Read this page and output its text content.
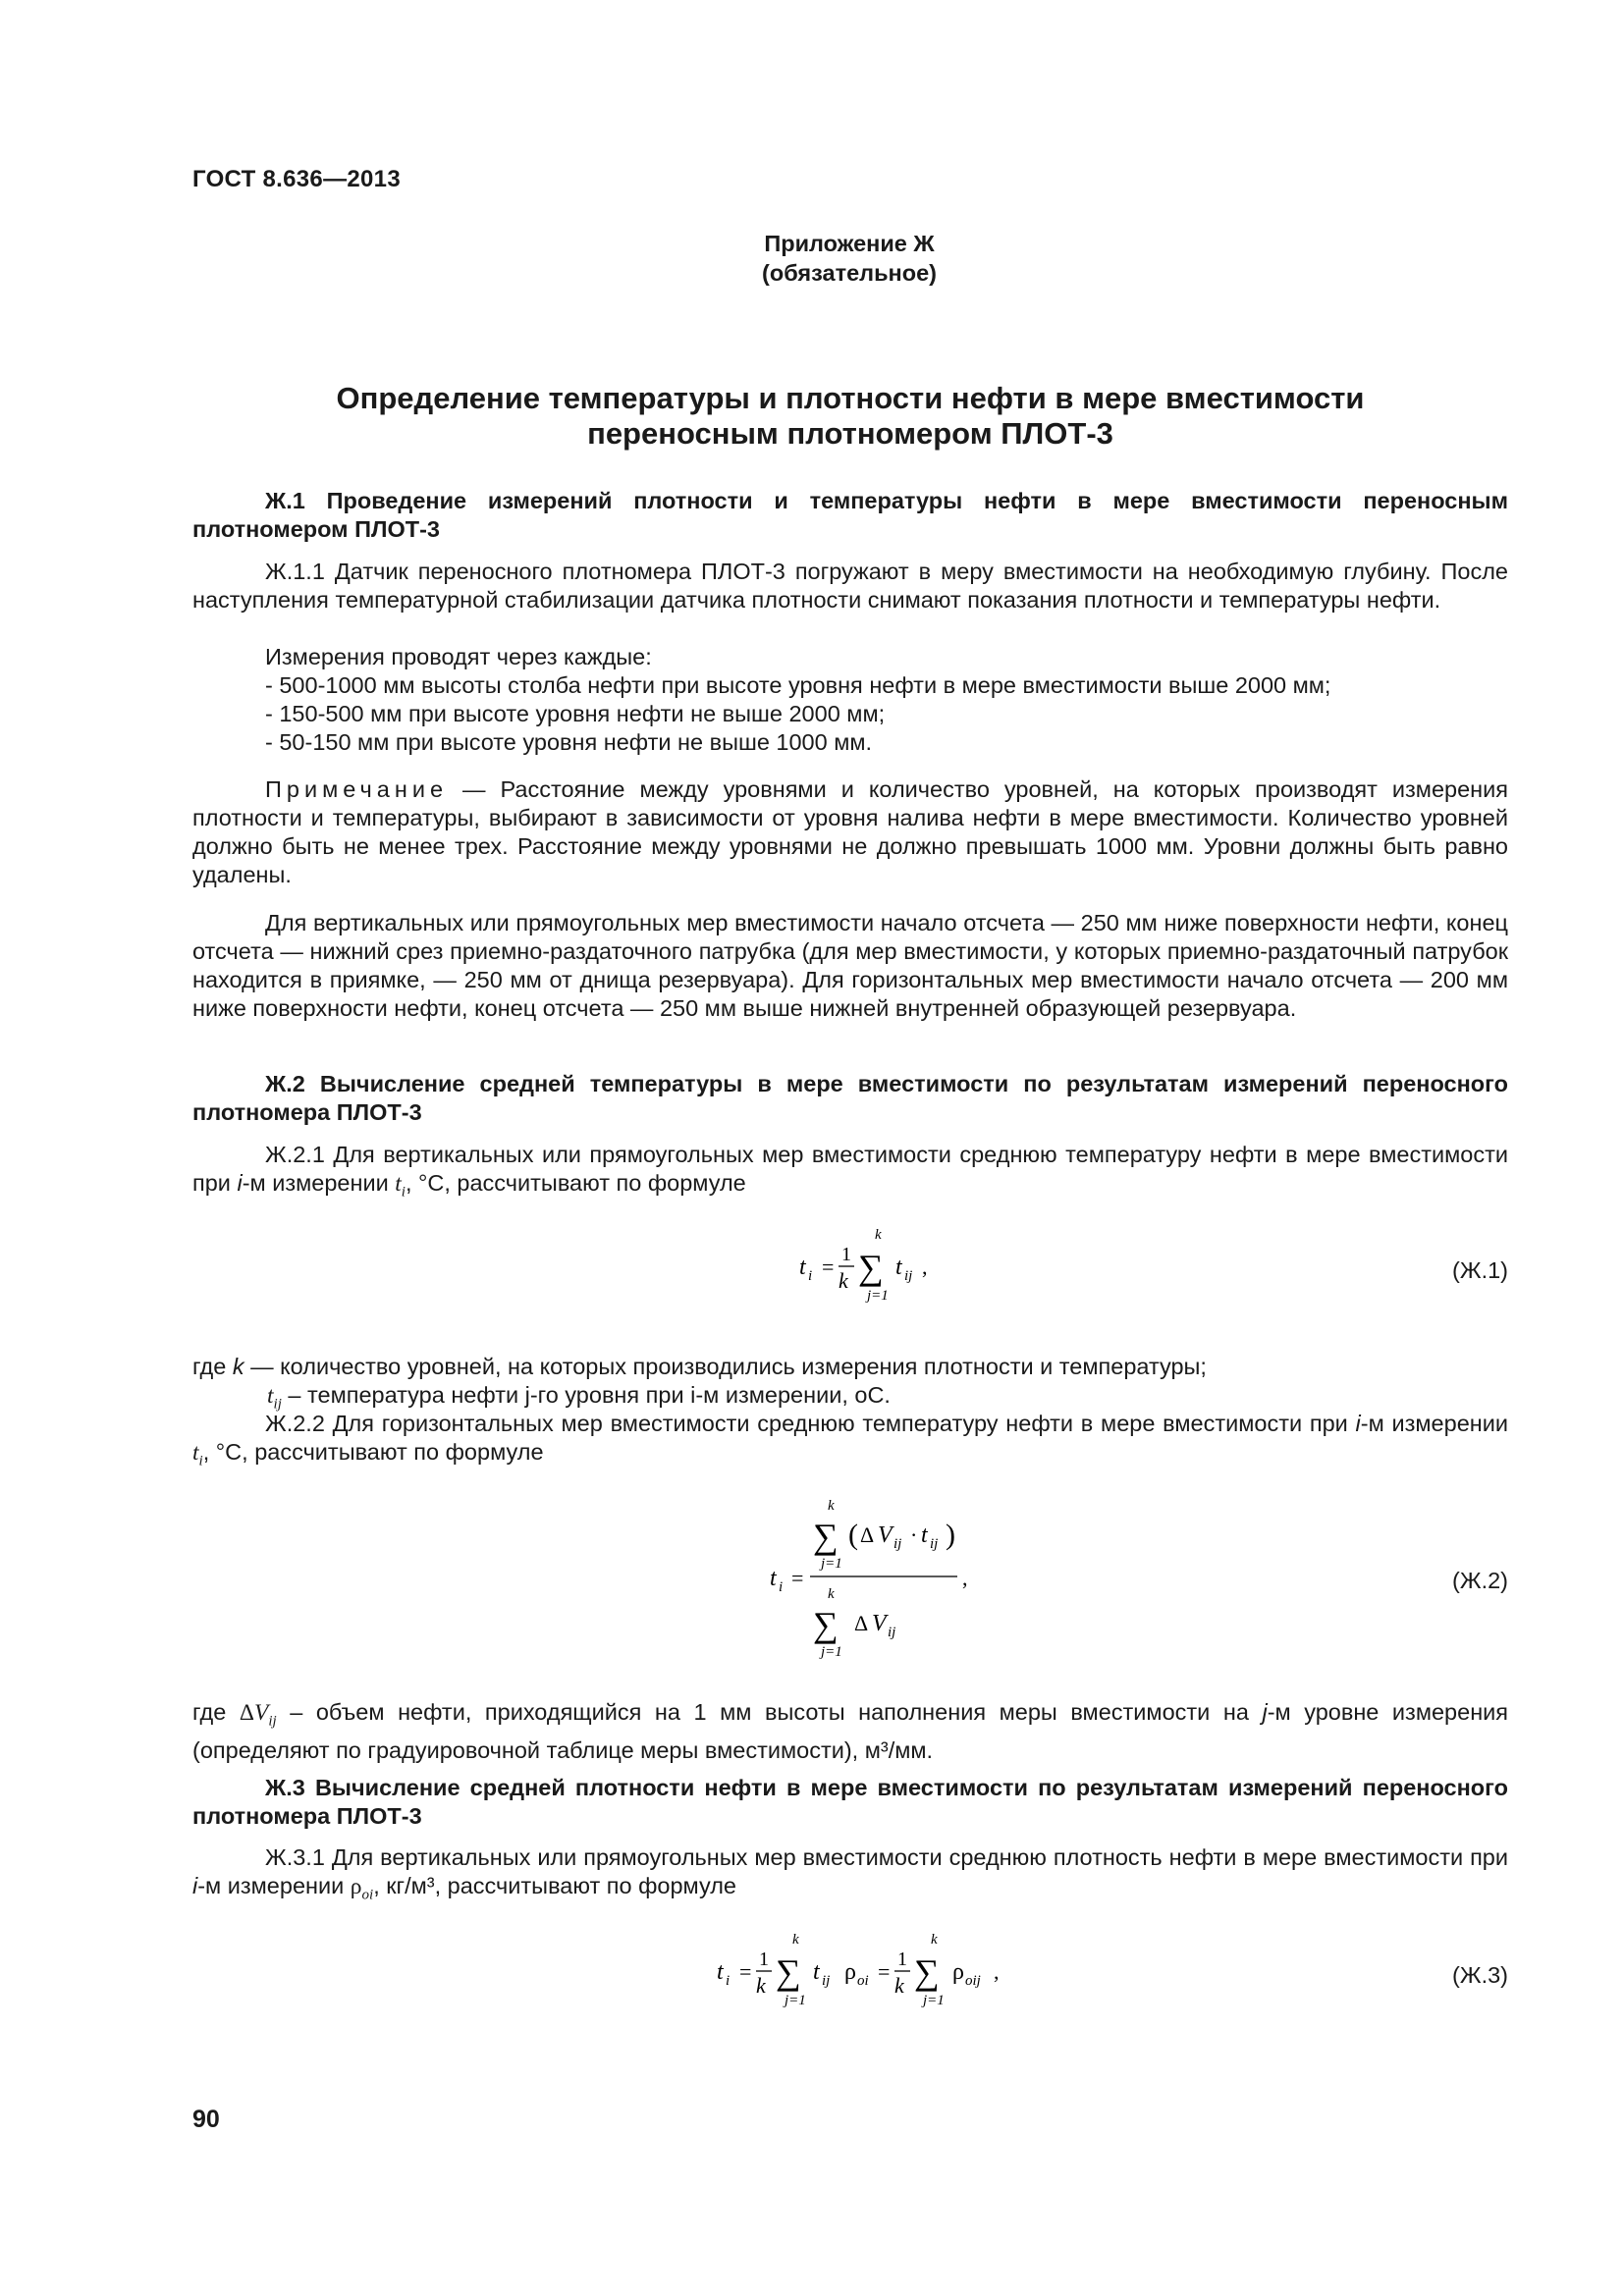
ГОСТ 8.636—2013
Приложение Ж
(обязательное)
Определение температуры и плотности нефти в мере вместимости
переносным плотномером ПЛОТ-3
Ж.1 Проведение измерений плотности и температуры нефти в мере вместимости переносным плотномером ПЛОТ-3
Ж.1.1 Датчик переносного плотномера ПЛОТ-3 погружают в меру вместимости на необходимую глубину. После наступления температурной стабилизации датчика плотности снимают показания плотности и температуры нефти.
Измерения проводят через каждые:
- 500-1000 мм высоты столба нефти при высоте уровня нефти в мере вместимости выше 2000 мм;
- 150-500 мм при высоте уровня нефти не выше 2000 мм;
- 50-150 мм при высоте уровня нефти не выше 1000 мм.
Примечание — Расстояние между уровнями и количество уровней, на которых производят измерения плотности и температуры, выбирают в зависимости от уровня налива нефти в мере вместимости. Количество уровней должно быть не менее трех. Расстояние между уровнями не должно превышать 1000 мм. Уровни должны быть равно удалены.
Для вертикальных или прямоугольных мер вместимости начало отсчета — 250 мм ниже поверхности нефти, конец отсчета — нижний срез приемно-раздаточного патрубка (для мер вместимости, у которых приемно-раздаточный патрубок находится в приямке, — 250 мм от днища резервуара). Для горизонтальных мер вместимости начало отсчета — 200 мм ниже поверхности нефти, конец отсчета — 250 мм выше нижней внутренней образующей резервуара.
Ж.2 Вычисление средней температуры в мере вместимости по результатам измерений переносного плотномера ПЛОТ-3
Ж.2.1 Для вертикальных или прямоугольных мер вместимости среднюю температуру нефти в мере вместимости при i-м измерении $t_i$, °С, рассчитывают по формуле
t i = 1
k
k
∑
j=1
t ij ,	(Ж.1)
где k — количество уровней, на которых производились измерения плотности и температуры;
$t_{ij}$ – температура нефти j-го уровня при i-м измерении, oС.
Ж.2.2 Для горизонтальных мер вместимости среднюю температуру нефти в мере вместимости при i-м измерении $t_i$, °С, рассчитывают по формуле
t i =
k
∑
j=1
( Δ V ij · t ij )
k
∑
j=1
Δ V ij
,	(Ж.2)
где $\Delta V_{ij}$ – объем нефти, приходящийся на 1 мм высоты наполнения меры вместимости на j-м уровне измерения (определяют по градуировочной таблице меры вместимости), м³/мм.
Ж.3 Вычисление средней плотности нефти в мере вместимости по результатам измерений переносного плотномера ПЛОТ-3
Ж.3.1 Для вертикальных или прямоугольных мер вместимости среднюю плотность нефти в мере вместимости при i-м измерении $\rho_{oi}$, кг/м³, рассчитывают по формуле
t i = 1
k
k
∑
j=1
t ij ρ oi = 1
k
k
∑
j=1
ρ oij ,	(Ж.3)
90
